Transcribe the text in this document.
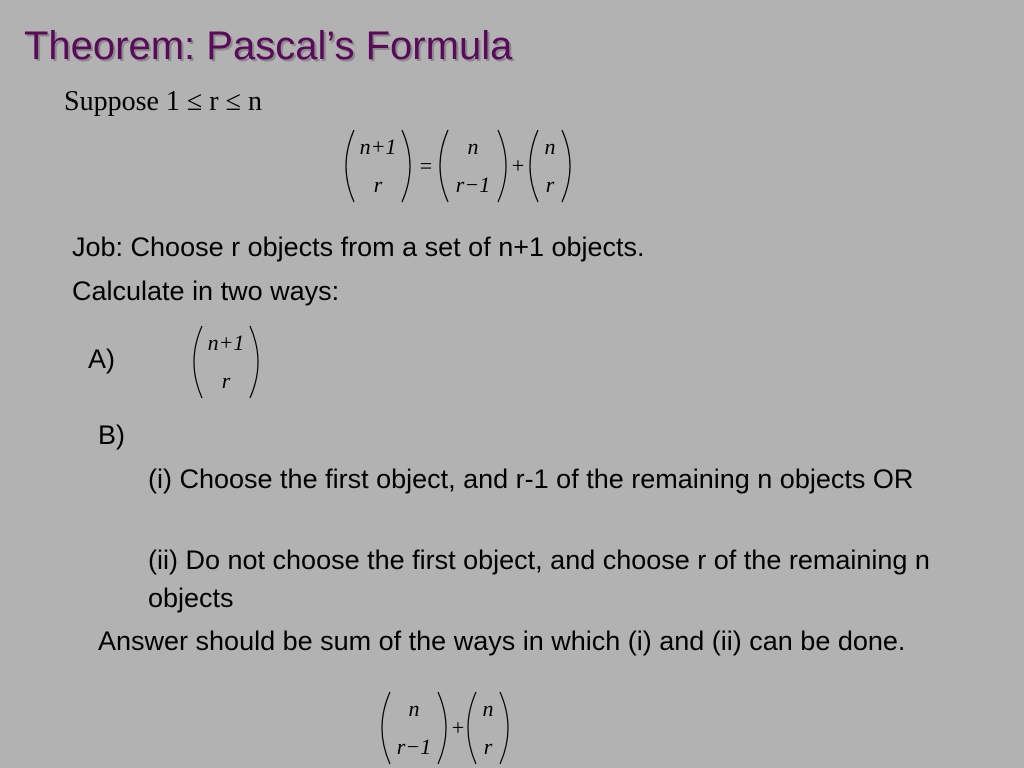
Theorem: Pascal’s Formula
Suppose 1 ≤ r ≤ n
n+1
r
=
n
r−1
+
n
r
Job: Choose r objects from a set of n+1 objects.
Calculate in two ways:
A)
n+1
r
B)
(i) Choose the first object, and r-1 of the remaining n objects OR
(ii) Do not choose the first object, and choose r of the remaining n objects
Answer should be sum of the ways in which (i) and (ii) can be done.
n
r−1
+
n
r
